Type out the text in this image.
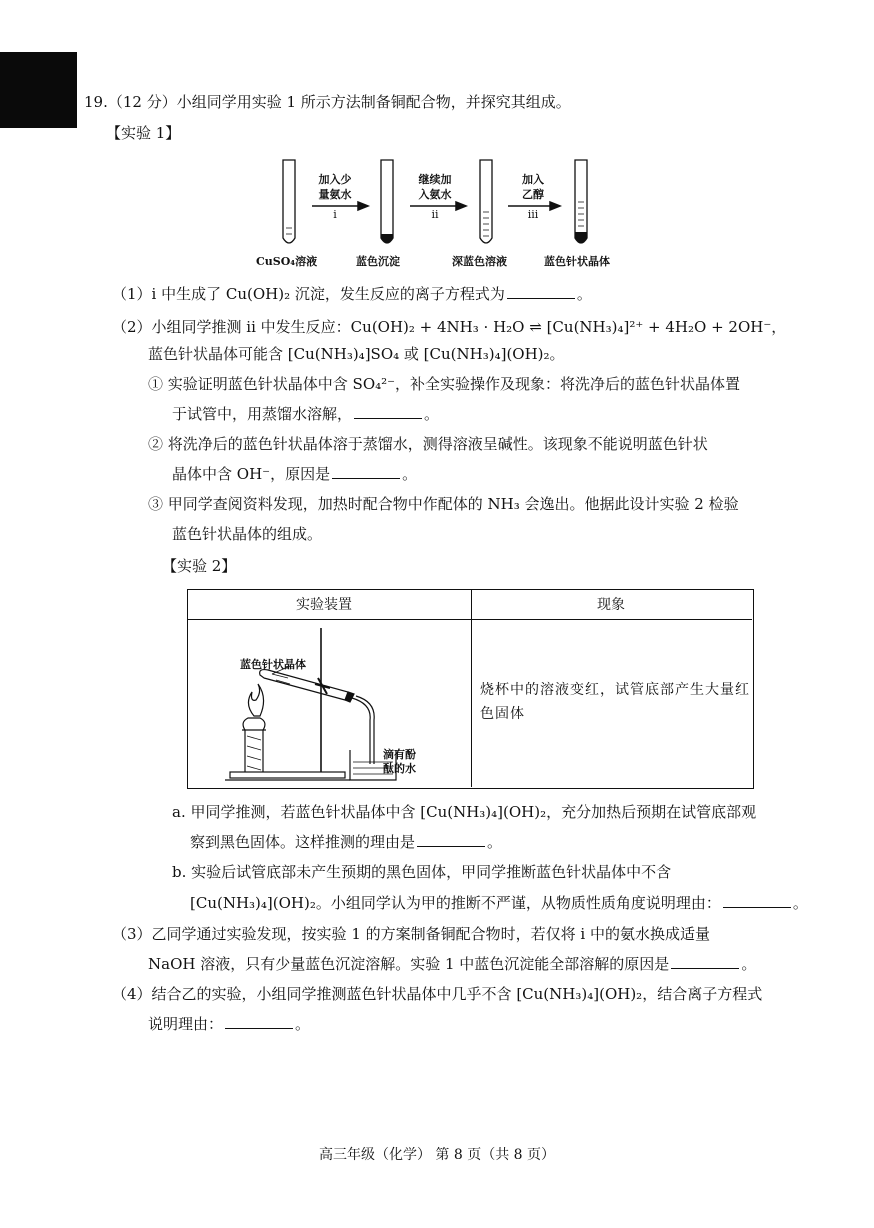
19.（12 分）小组同学用实验 1 所示方法制备铜配合物，并探究其组成。
【实验 1】
加入少
量氨水
i
继续加
入氨水
ii
加入
乙醇
iii
CuSO₄溶液	蓝色沉淀	深蓝色溶液	蓝色针状晶体
（1）i 中生成了 Cu(OH)₂ 沉淀，发生反应的离子方程式为	。
（2）小组同学推测 ii 中发生反应：Cu(OH)₂ + 4NH₃ · H₂O ⇌ [Cu(NH₃)₄]²⁺ + 4H₂O + 2OH⁻，
蓝色针状晶体可能含 [Cu(NH₃)₄]SO₄ 或 [Cu(NH₃)₄](OH)₂。
① 实验证明蓝色针状晶体中含 SO₄²⁻，补全实验操作及现象：将洗净后的蓝色针状晶体置
于试管中，用蒸馏水溶解，	。
② 将洗净后的蓝色针状晶体溶于蒸馏水，测得溶液呈碱性。该现象不能说明蓝色针状
晶体中含 OH⁻，原因是	。
③ 甲同学查阅资料发现，加热时配合物中作配体的 NH₃ 会逸出。他据此设计实验 2 检验
蓝色针状晶体的组成。
【实验 2】
实验装置	现象
蓝色针状晶体
滴有酚
酞的水
烧杯中的溶液变红，试管底部产生大量红色固体
a. 甲同学推测，若蓝色针状晶体中含 [Cu(NH₃)₄](OH)₂，充分加热后预期在试管底部观
察到黑色固体。这样推测的理由是	。
b. 实验后试管底部未产生预期的黑色固体，甲同学推断蓝色针状晶体中不含
[Cu(NH₃)₄](OH)₂。小组同学认为甲的推断不严谨，从物质性质角度说明理由：	。
（3）乙同学通过实验发现，按实验 1 的方案制备铜配合物时，若仅将 i 中的氨水换成适量
NaOH 溶液，只有少量蓝色沉淀溶解。实验 1 中蓝色沉淀能全部溶解的原因是	。
（4）结合乙的实验，小组同学推测蓝色针状晶体中几乎不含 [Cu(NH₃)₄](OH)₂，结合离子方程式
说明理由：	。
高三年级（化学） 第 8 页（共 8 页）
